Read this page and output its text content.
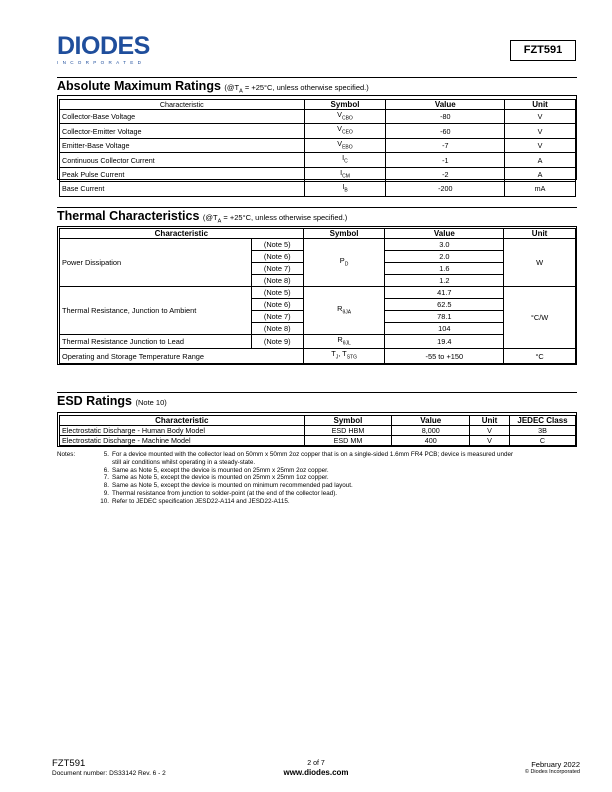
DIODES
INCORPORATED
FZT591
Absolute Maximum Ratings ($@T_A = +25^\circ C$, unless otherwise specified.)
Characteristic	Symbol	Value	Unit
Collector-Base Voltage	$V_{CBO}$	-80	V
Collector-Emitter Voltage	$V_{CEO}$	-60	V
Emitter-Base Voltage	$V_{EBO}$	-7	V
Continuous Collector Current	$I_C$	-1	A
Peak Pulse Current	$I_{CM}$	-2	A
Base Current	$I_B$	-200	mA
Thermal Characteristics ($@T_A = +25^\circ C$, unless otherwise specified.)
Characteristic		Symbol	Value	Unit
Power Dissipation	(Note 5)	$P_D$	3.0	W
	(Note 6)		2.0	
	(Note 7)		1.6	
	(Note 8)		1.2	
Thermal Resistance, Junction to Ambient	(Note 5)	$R_{\theta JA}$	41.7	°C/W
	(Note 6)		62.5	
	(Note 7)		78.1	
	(Note 8)		104	
Thermal Resistance Junction to Lead	(Note 9)	$R_{\theta JL}$	19.4	
Operating and Storage Temperature Range		$T_J$, $T_{STG}$	-55 to +150	°C
ESD Ratings (Note 10)
Characteristic	Symbol	Value	Unit	JEDEC Class
Electrostatic Discharge - Human Body Model	ESD HBM	8,000	V	3B
Electrostatic Discharge - Machine Model	ESD MM	400	V	C
Notes:	5. For a device mounted with the collector lead on 50mm x 50mm 2oz copper that is on a single-sided 1.6mm FR4 PCB; device is measured under
still air conditions whilst operating in a steady-state.
6. Same as Note 5, except the device is mounted on 25mm x 25mm 2oz copper.
7. Same as Note 5, except the device is mounted on 25mm x 25mm 1oz copper.
8. Same as Note 5, except the device is mounted on minimum recommended pad layout.
9. Thermal resistance from junction to solder-point (at the end of the collector lead).
10. Refer to JEDEC specification JESD22-A114 and JESD22-A115.
FZT591
Document number: DS33142 Rev. 6 - 2
2 of 7
www.diodes.com
February 2022
© Diodes Incorporated
